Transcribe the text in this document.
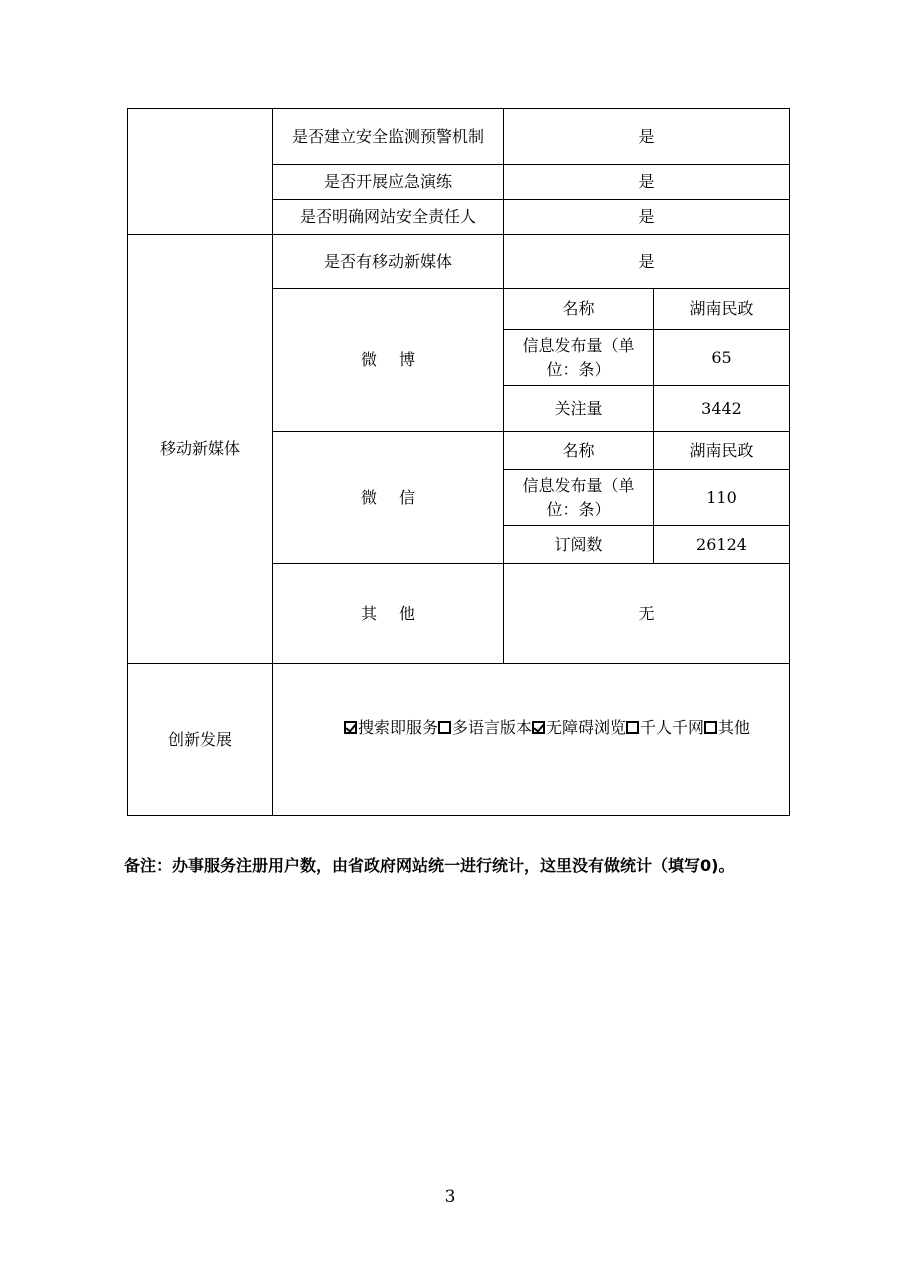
	是否建立安全监测预警机制	是	
	是否开展应急演练	是	
	是否明确网站安全责任人	是	
移动新媒体	是否有移动新媒体	是	
	微 博	名称	湖南民政
		信息发布量（单位：条）	65
		关注量	3442
	微 信	名称	湖南民政
		信息发布量（单位：条）	110
		订阅数	26124
	其 他	无	
创新发展	搜索即服务 多语言版本 无障碍浏览 千人千网 其他		
备注：办事服务注册用户数，由省政府网站统一进行统计，这里没有做统计（填写0)。
3
